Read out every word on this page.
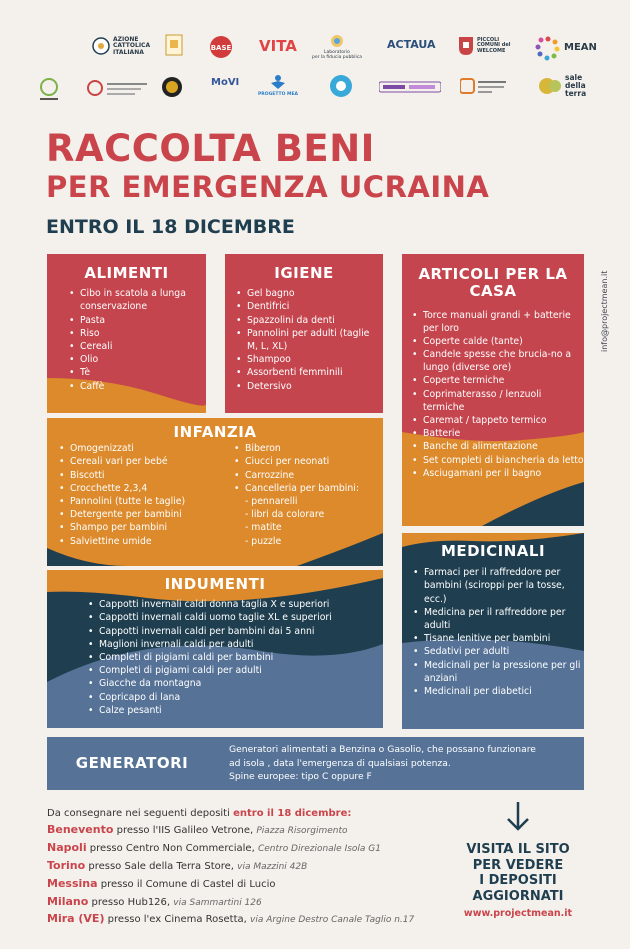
AZIONE
CATTOLICA
ITALIANA
BASE VITA	Laboratorio
per la fiducia pubblica
ACTAUA	PICCOLI
COMUNI del
WELCOME	MEAN
MoVI
PROGETTO MEA
sale
della
terra
RACCOLTA BENI
PER EMERGENZA UCRAINA
ENTRO IL 18 DICEMBRE
info@projectmean.it
ALIMENTI
• Cibo in scatola a lunga conservazione
• Pasta
• Riso
• Cereali
• Olio
• Tè
• Caffè
IGIENE
• Gel bagno
• Dentifrici
• Spazzolini da denti
• Pannolini per adulti (taglie M, L, XL)
• Shampoo
• Assorbenti femminili
• Detersivo
ARTICOLI PER LA CASA
• Torce manuali grandi + batterie per loro
• Coperte calde (tante)
• Candele spesse che brucia-no a lungo (diverse ore)
• Coperte termiche
• Coprimaterasso / lenzuoli termiche
• Caremat / tappeto termico
• Batterie
• Banche di alimentazione
• Set completi di biancheria da letto
• Asciugamani per il bagno
INFANZIA
• Omogenizzati
• Cereali vari per bebé
• Biscotti
• Crocchette 2,3,4
• Pannolini (tutte le taglie)
• Detergente per bambini
• Shampo per bambini
• Salviettine umide
• Biberon
• Ciucci per neonati
• Carrozzine
• Cancelleria per bambini:
- pennarelli
- libri da colorare
- matite
- puzzle
INDUMENTI
• Cappotti invernali caldi donna taglia X e superiori
• Cappotti invernali caldi uomo taglie XL e superiori
• Cappotti invernali caldi per bambini dai 5 anni
• Maglioni invernali caldi per adulti
• Completi di pigiami caldi per bambini
• Completi di pigiami caldi per adulti
• Giacche da montagna
• Copricapo di lana
• Calze pesanti
MEDICINALI
• Farmaci per il raffreddore per bambini (sciroppi per la tosse, ecc.)
• Medicina per il raffreddore per adulti
• Tisane lenitive per bambini
• Sedativi per adulti
• Medicinali per la pressione per gli anziani
• Medicinali per diabetici
GENERATORI
Generatori alimentati a Benzina o Gasolio, che possano funzionare
ad isola , data l'emergenza di qualsiasi potenza.
Spine europee: tipo C oppure F
Da consegnare nei seguenti depositi entro il 18 dicembre:
Benevento presso l'IIS Galileo Vetrone, Piazza Risorgimento
Napoli presso Centro Non Commerciale, Centro Direzionale Isola G1
Torino presso Sale della Terra Store, via Mazzini 42B
Messina presso il Comune di Castel di Lucio
Milano presso Hub126, via Sammartini 126
Mira (VE) presso l'ex Cinema Rosetta, via Argine Destro Canale Taglio n.17
VISITA IL SITO
PER VEDERE
I DEPOSITI
AGGIORNATI
www.projectmean.it
